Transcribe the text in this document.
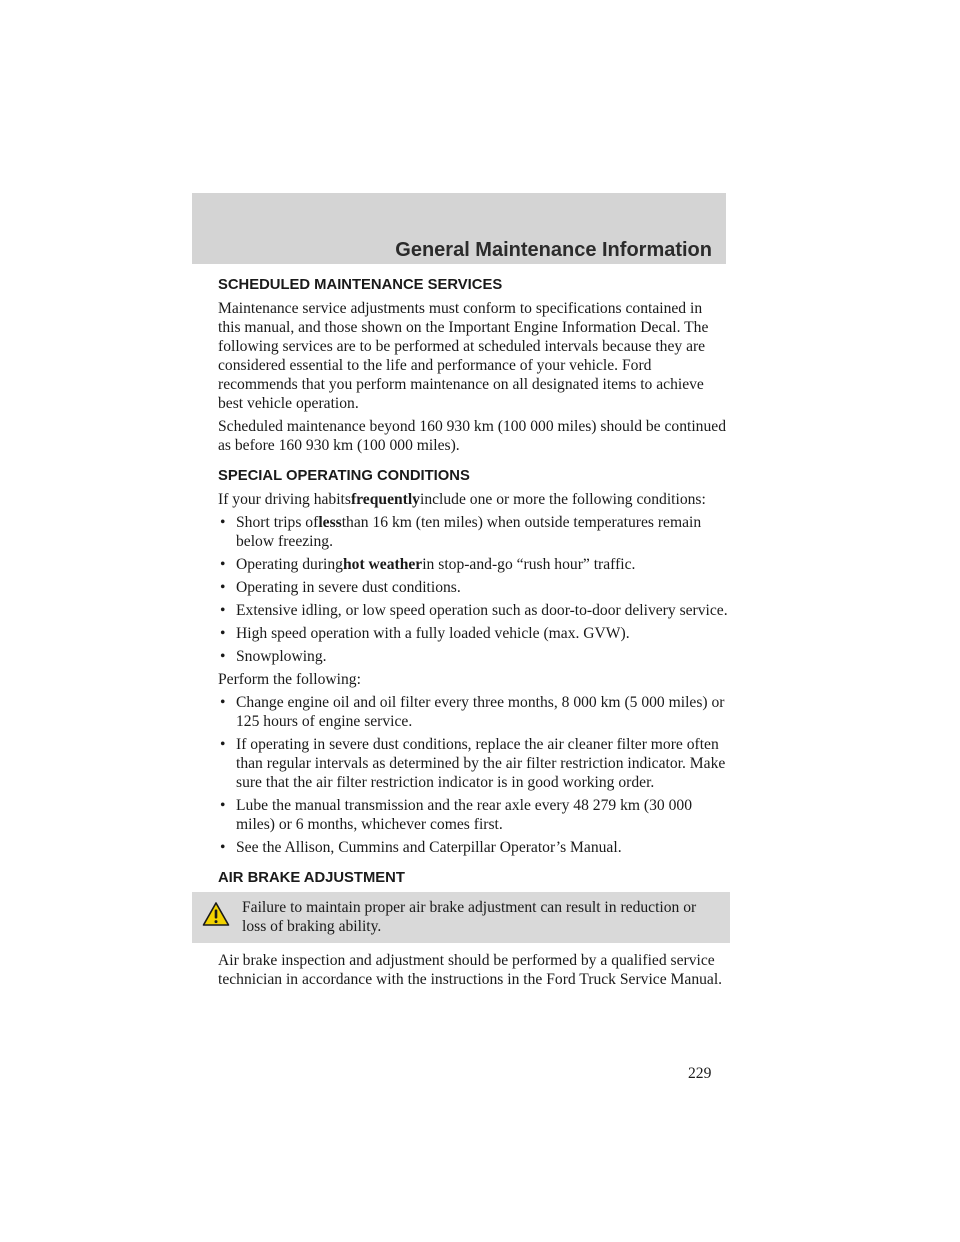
General Maintenance Information
SCHEDULED MAINTENANCE SERVICES

Maintenance service adjustments must conform to specifications contained in this manual, and those shown on the Important Engine Information Decal. The following services are to be performed at scheduled intervals because they are considered essential to the life and performance of your vehicle. Ford recommends that you perform maintenance on all designated items to achieve best vehicle operation.

Scheduled maintenance beyond 160 930 km (100 000 miles) should be continued as before 160 930 km (100 000 miles).

SPECIAL OPERATING CONDITIONS

If your driving habitsfrequentlyinclude one or more the following conditions:

• Short trips oflessthan 16 km (ten miles) when outside temperatures remain below freezing.
• Operating duringhot weatherin stop-and-go “rush hour” traffic.
• Operating in severe dust conditions.
• Extensive idling, or low speed operation such as door-to-door delivery service.
• High speed operation with a fully loaded vehicle (max. GVW).
• Snowplowing.

Perform the following:

• Change engine oil and oil filter every three months, 8 000 km (5 000 miles) or 125 hours of engine service.
• If operating in severe dust conditions, replace the air cleaner filter more often than regular intervals as determined by the air filter restriction indicator. Make sure that the air filter restriction indicator is in good working order.
• Lube the manual transmission and the rear axle every 48 279 km (30 000 miles) or 6 months, whichever comes first.
• See the Allison, Cummins and Caterpillar Operator’s Manual.
AIR BRAKE ADJUSTMENT
Failure to maintain proper air brake adjustment can result in reduction or loss of braking ability.

Air brake inspection and adjustment should be performed by a qualified service technician in accordance with the instructions in the Ford Truck Service Manual.

229
